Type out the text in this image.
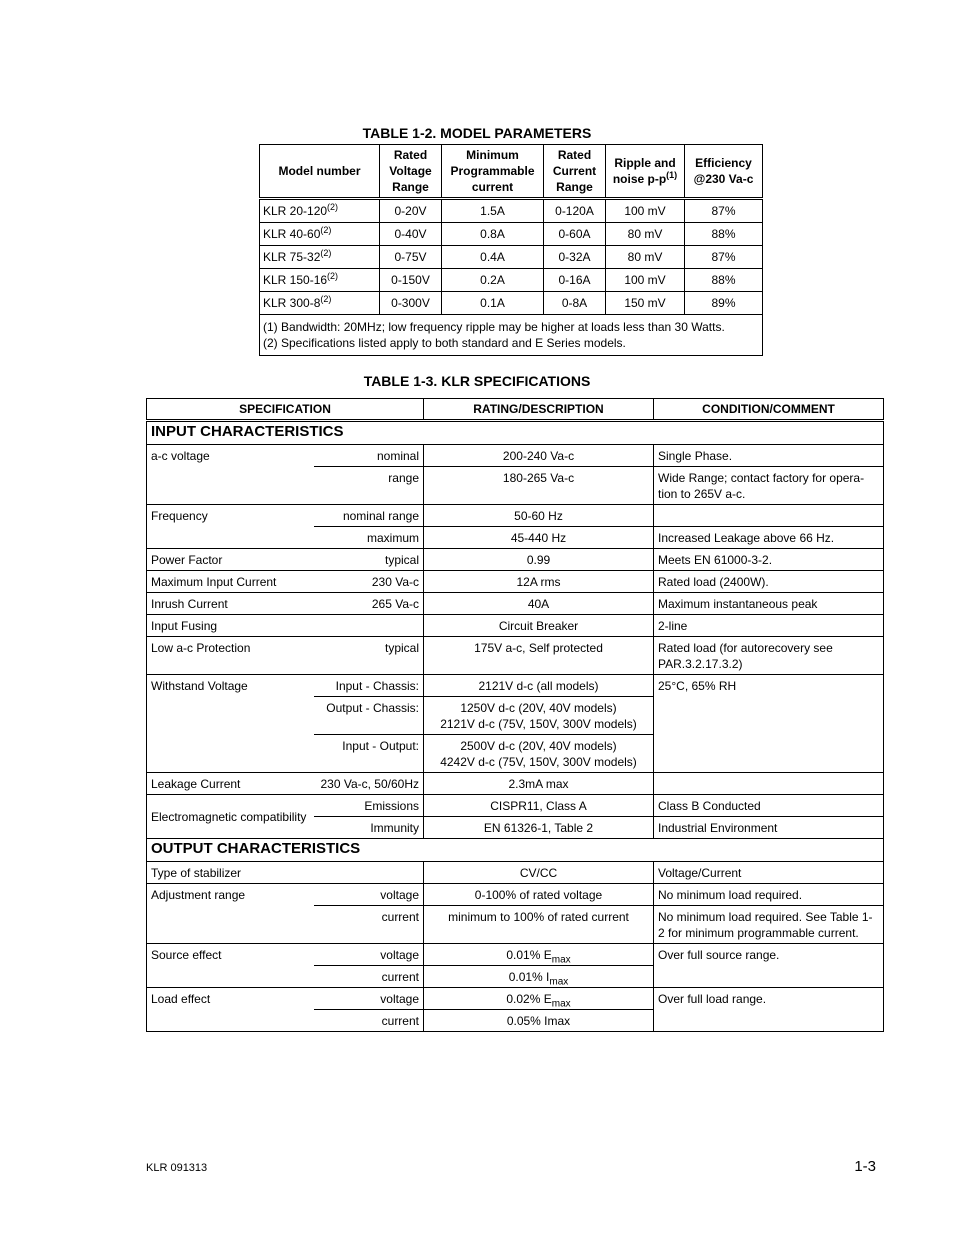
TABLE 1-2. MODEL PARAMETERS
Model number	Rated Voltage Range	Minimum Programmable current	Rated Current Range	Ripple and noise $p-p^{(1)}$	Efficiency @230 Va-c
KLR 20-120$^{(2)}$	0-20V	1.5A	0-120A	100 mV	87%
KLR 40-60$^{(2)}$	0-40V	0.8A	0-60A	80 mV	88%
KLR 75-32$^{(2)}$	0-75V	0.4A	0-32A	80 mV	87%
KLR 150-16$^{(2)}$	0-150V	0.2A	0-16A	100 mV	88%
KLR 300-8$^{(2)}$	0-300V	0.1A	0-8A	150 mV	89%

(1) Bandwidth: 20MHz; low frequency ripple may be higher at loads less than 30 Watts.
(2) Specifications listed apply to both standard and E Series models.					
TABLE 1-3. KLR SPECIFICATIONS
SPECIFICATION		RATING/DESCRIPTION	CONDITION/COMMENT
INPUT CHARACTERISTICS			
a-c voltage	nominal	200-240 Va-c	Single Phase.
	range	180-265 Va-c	Wide Range; contact factory for opera-tion to 265V a-c.
Frequency	nominal range	50-60 Hz	
	maximum	45-440 Hz	Increased Leakage above 66 Hz.
Power Factor	typical	0.99	Meets EN 61000-3-2.
Maximum Input Current	230 Va-c	12A rms	Rated load (2400W).
Inrush Current	265 Va-c	40A	Maximum instantaneous peak
Input Fusing		Circuit Breaker	2-line
Low a-c Protection	typical	175V a-c, Self protected	Rated load (for autorecovery see PAR.3.2.17.3.2)
Withstand Voltage	Input - Chassis:	2121V d-c (all models)	25°C, 65% RH
	Output - Chassis:	1250V d-c (20V, 40V models)
2121V d-c (75V, 150V, 300V models)	

	Input - Output:	2500V d-c (20V, 40V models)
4242V d-c (75V, 150V, 300V models)	

Leakage Current	230 Va-c, 50/60Hz	2.3mA max	
Electromagnetic compatibility	Emissions	CISPR11, Class A	Class B Conducted
	Immunity	EN 61326-1, Table 2	Industrial Environment
OUTPUT CHARACTERISTICS			
Type of stabilizer		CV/CC	Voltage/Current
Adjustment range	voltage	0-100% of rated voltage	No minimum load required.
	current	minimum to 100% of rated current	No minimum load required. See Table 1-2 for minimum programmable current.
Source effect	voltage	0.01% $E_{max}$	Over full source range.
	current	0.01% $I_{max}$
Load effect	voltage	0.02% $E_{max}$	Over full load range.
	current	0.05% Imax	
KLR 091313	1-3
